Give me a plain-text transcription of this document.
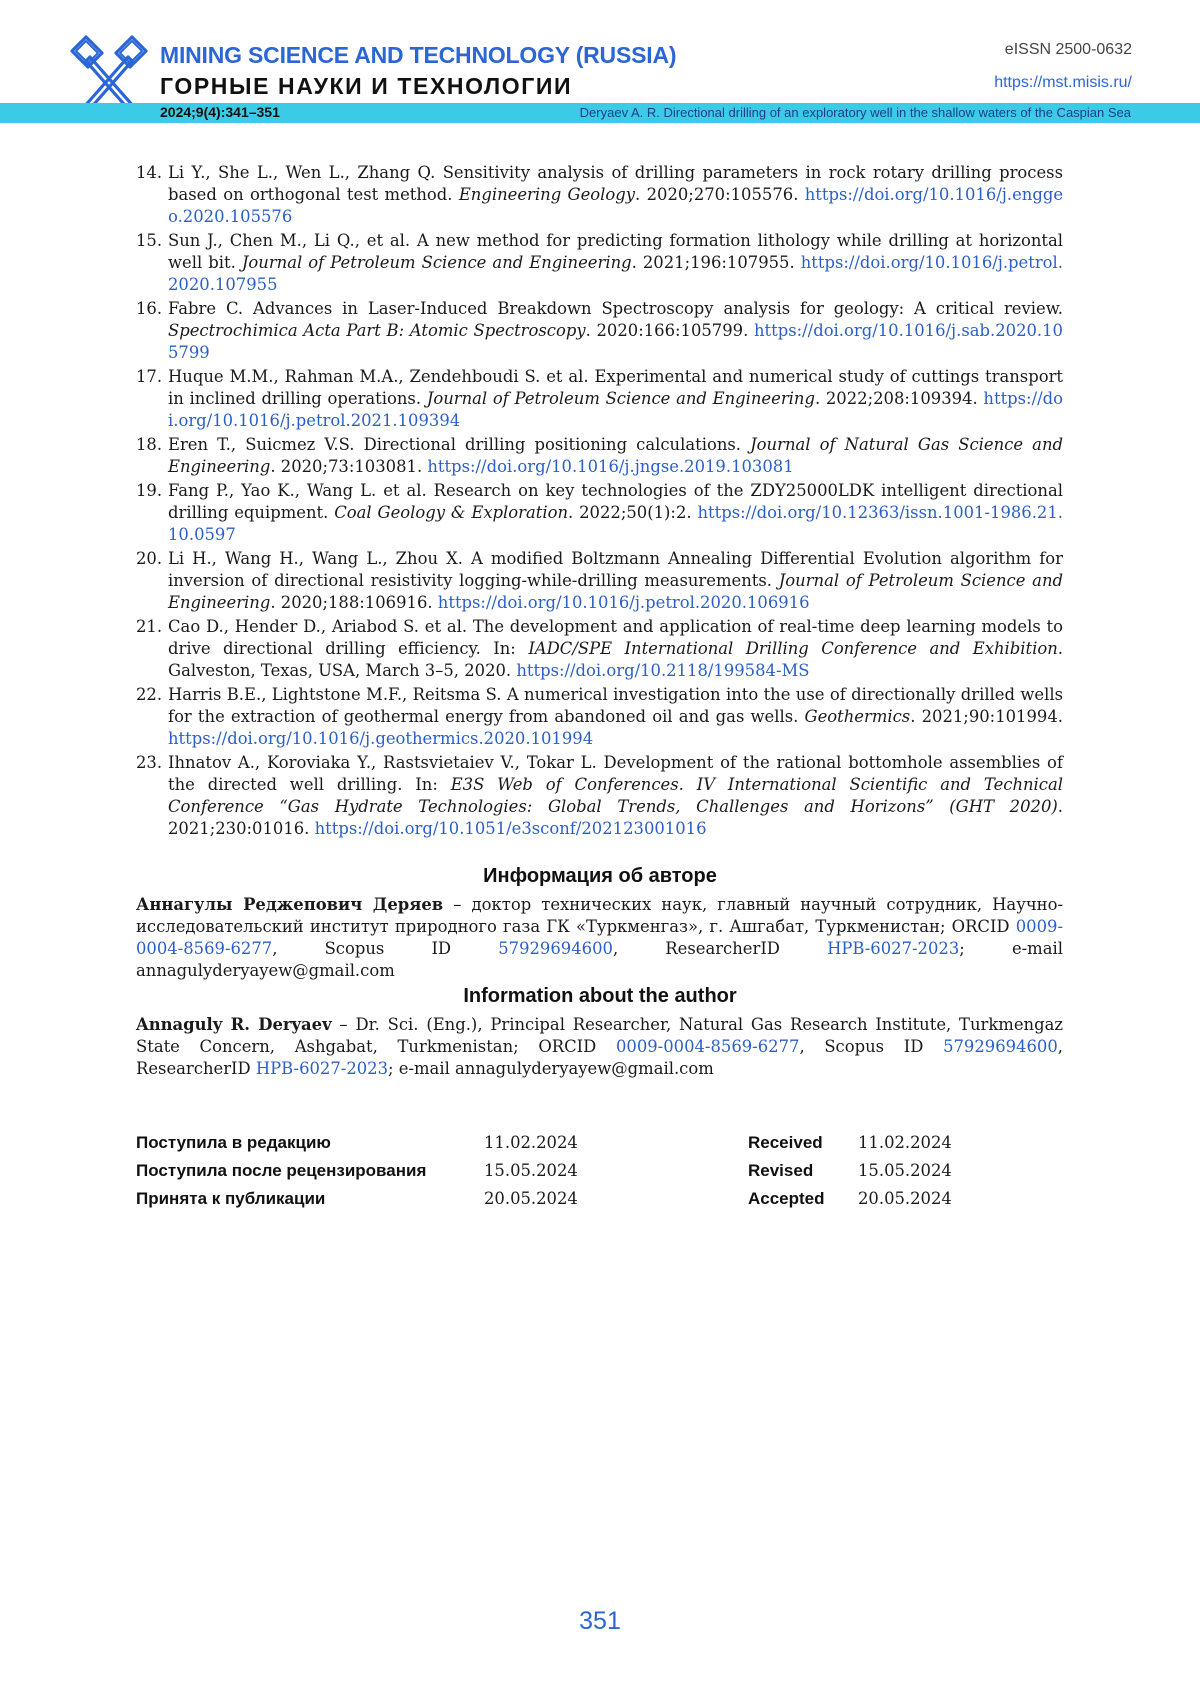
MINING SCIENCE AND TECHNOLOGY (RUSSIA)
ГОРНЫЕ НАУКИ И ТЕХНОЛОГИИ
eISSN 2500-0632
https://mst.misis.ru/
2024;9(4):341–351	Deryaev A. R. Directional drilling of an exploratory well in the shallow waters of the Caspian Sea
14. Li Y., She L., Wen L., Zhang Q. Sensitivity analysis of drilling parameters in rock rotary drilling process based on orthogonal test method. Engineering Geology. 2020;270:105576. https://doi.org/10.1016/j.enggeo.2020.105576
15. Sun J., Chen M., Li Q., et al. A new method for predicting formation lithology while drilling at horizontal well bit. Journal of Petroleum Science and Engineering. 2021;196:107955. https://doi.org/10.1016/j.petrol.2020.107955
16. Fabre C. Advances in Laser-Induced Breakdown Spectroscopy analysis for geology: A critical review. Spectrochimica Acta Part B: Atomic Spectroscopy. 2020:166:105799. https://doi.org/10.1016/j.sab.2020.105799
17. Huque M.M., Rahman M.A., Zendehboudi S. et al. Experimental and numerical study of cuttings transport in inclined drilling operations. Journal of Petroleum Science and Engineering. 2022;208:109394. https://doi.org/10.1016/j.petrol.2021.109394
18. Eren T., Suicmez V.S. Directional drilling positioning calculations. Journal of Natural Gas Science and Engineering. 2020;73:103081. https://doi.org/10.1016/j.jngse.2019.103081
19. Fang P., Yao K., Wang L. et al. Research on key technologies of the ZDY25000LDK intelligent directional drilling equipment. Coal Geology & Exploration. 2022;50(1):2. https://doi.org/10.12363/issn.1001-1986.21.10.0597
20. Li H., Wang H., Wang L., Zhou X. A modified Boltzmann Annealing Differential Evolution algorithm for inversion of directional resistivity logging-while-drilling measurements. Journal of Petroleum Science and Engineering. 2020;188:106916. https://doi.org/10.1016/j.petrol.2020.106916
21. Cao D., Hender D., Ariabod S. et al. The development and application of real-time deep learning models to drive directional drilling efficiency. In: IADC/SPE International Drilling Conference and Exhibition. Galveston, Texas, USA, March 3–5, 2020. https://doi.org/10.2118/199584-MS
22. Harris B.E., Lightstone M.F., Reitsma S. A numerical investigation into the use of directionally drilled wells for the extraction of geothermal energy from abandoned oil and gas wells. Geothermics. 2021;90:101994. https://doi.org/10.1016/j.geothermics.2020.101994
23. Ihnatov A., Koroviaka Y., Rastsvietaiev V., Tokar L. Development of the rational bottomhole assemblies of the directed well drilling. In: E3S Web of Conferences. IV International Scientific and Technical Conference “Gas Hydrate Technologies: Global Trends, Challenges and Horizons” (GHT 2020). 2021;230:01016. https://doi.org/10.1051/e3sconf/202123001016
Информация об авторе
Аннагулы Реджепович Деряев – доктор технических наук, главный научный сотрудник, Научно-исследовательский институт природного газа ГК «Туркменгаз», г. Ашгабат, Туркменистан; ORCID 0009-0004-8569-6277, Scopus ID 57929694600, ResearcherID HPB-6027-2023; e-mail annagulyderyayew@gmail.com
Information about the author
Annaguly R. Deryaev – Dr. Sci. (Eng.), Principal Researcher, Natural Gas Research Institute, Turkmengaz State Concern, Ashgabat, Turkmenistan; ORCID 0009-0004-8569-6277, Scopus ID 57929694600, ResearcherID HPB-6027-2023; e-mail annagulyderyayew@gmail.com
Поступила в редакцию	11.02.2024	Received 11.02.2024
Поступила после рецензирования	15.05.2024	Revised	15.05.2024
Принята к публикации	20.05.2024	Accepted 20.05.2024
351
